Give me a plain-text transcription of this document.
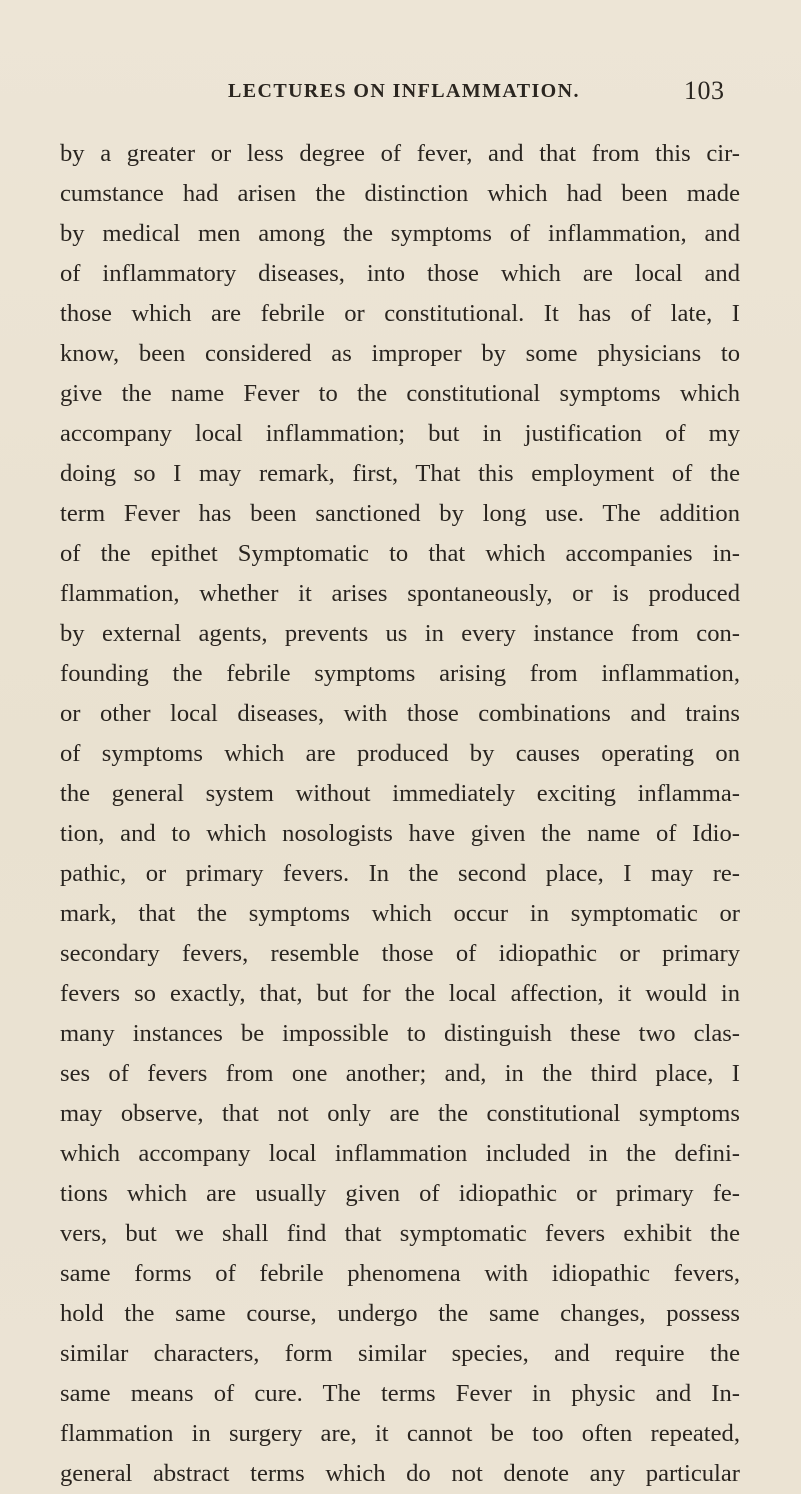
LECTURES ON INFLAMMATION.	103
by a greater or less degree of fever, and that from this cir-
cumstance had arisen the distinction which had been made
by medical men among the symptoms of inflammation, and
of inflammatory diseases, into those which are local and
those which are febrile or constitutional. It has of late, I
know, been considered as improper by some physicians to
give the name Fever to the constitutional symptoms which
accompany local inflammation; but in justification of my
doing so I may remark, first, That this employment of the
term Fever has been sanctioned by long use. The addition
of the epithet Symptomatic to that which accompanies in-
flammation, whether it arises spontaneously, or is produced
by external agents, prevents us in every instance from con-
founding the febrile symptoms arising from inflammation,
or other local diseases, with those combinations and trains
of symptoms which are produced by causes operating on
the general system without immediately exciting inflamma-
tion, and to which nosologists have given the name of Idio-
pathic, or primary fevers. In the second place, I may re-
mark, that the symptoms which occur in symptomatic or
secondary fevers, resemble those of idiopathic or primary
fevers so exactly, that, but for the local affection, it would in
many instances be impossible to distinguish these two clas-
ses of fevers from one another; and, in the third place, I
may observe, that not only are the constitutional symptoms
which accompany local inflammation included in the defini-
tions which are usually given of idiopathic or primary fe-
vers, but we shall find that symptomatic fevers exhibit the
same forms of febrile phenomena with idiopathic fevers,
hold the same course, undergo the same changes, possess
similar characters, form similar species, and require the
same means of cure. The terms Fever in physic and In-
flammation in surgery are, it cannot be too often repeated,
general abstract terms which do not denote any particular
